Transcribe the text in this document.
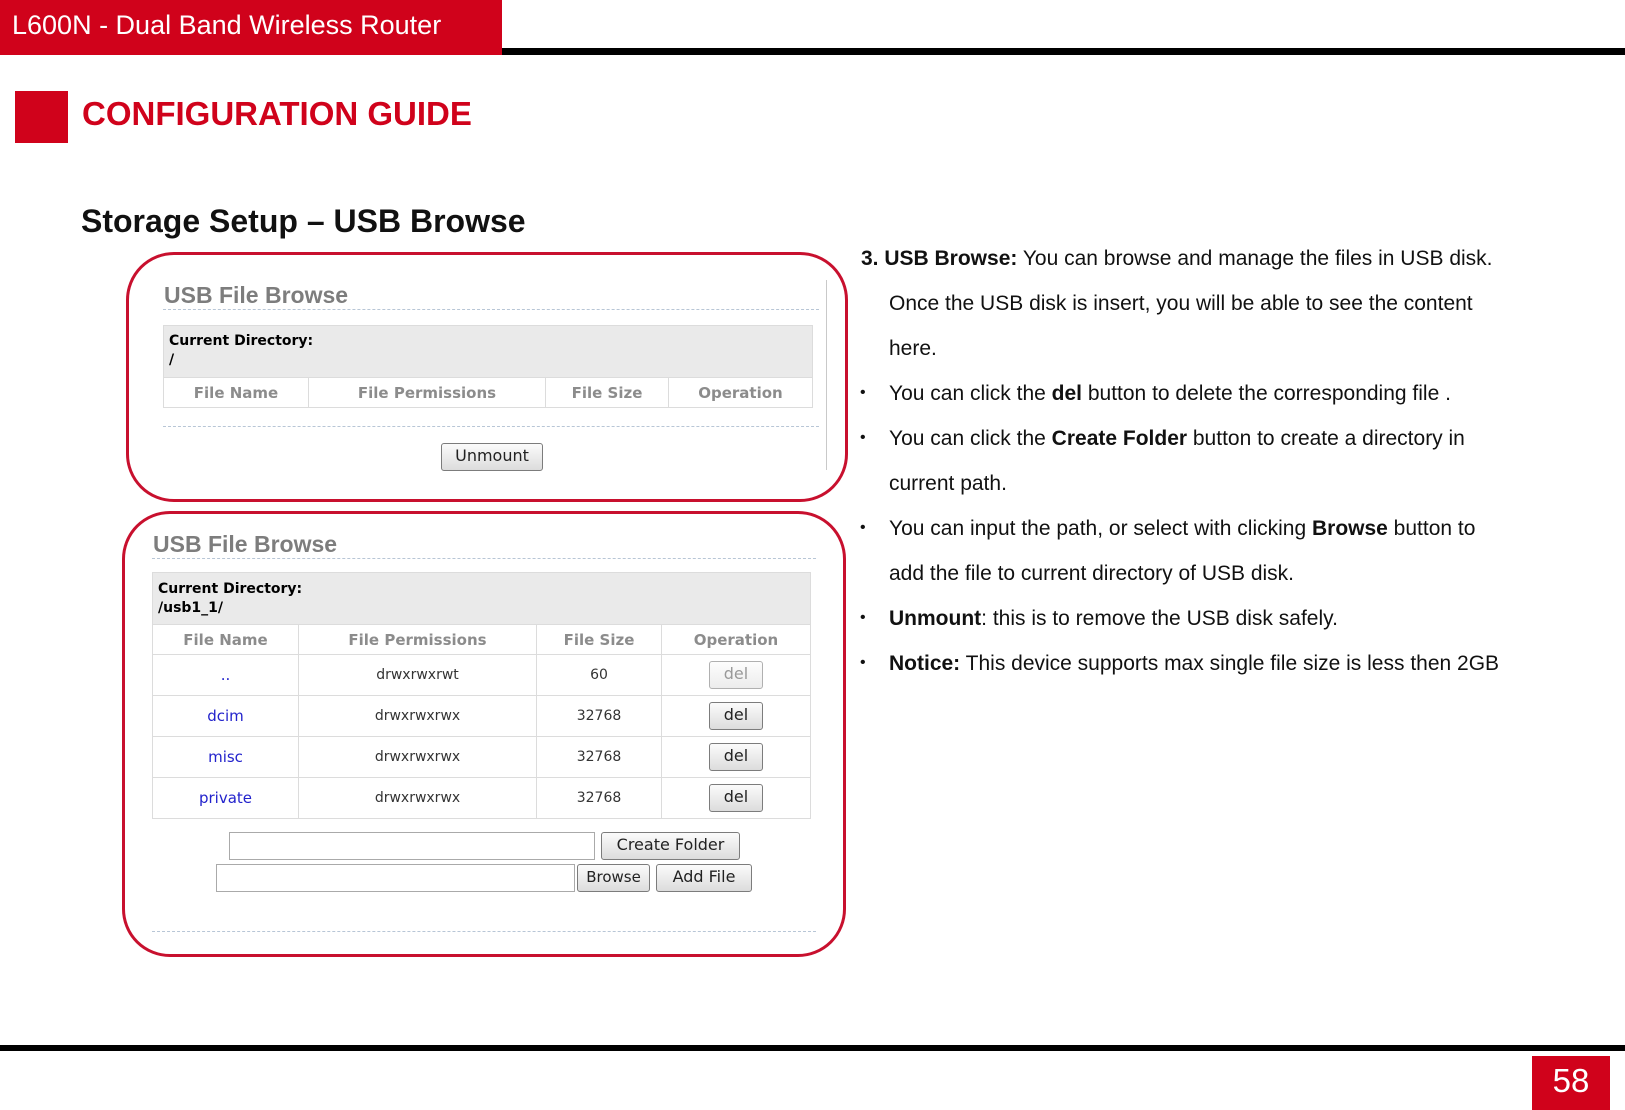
L600N - Dual Band Wireless Router
CONFIGURATION GUIDE
Storage Setup – USB Browse
USB File Browse
Current Directory:
/

File Name	File Permissions	File Size	Operation
Unmount
USB File Browse
Current Directory:
/usb1_1/			

File Name	File Permissions	File Size	Operation
..	drwxrwxrwt	60	del
dcim	drwxrwxrwx	32768	del
misc	drwxrwxrwx	32768	del
private	drwxrwxrwx	32768	del
Create Folder
Browse	Add File
3. USB Browse: You can browse and manage the files in USB disk.
Once the USB disk is insert, you will be able to see the content
here.
• You can click the del button to delete the corresponding file .
• You can click the Create Folder button to create a directory in
current path.
• You can input the path, or select with clicking Browse button to
add the file to current directory of USB disk.
• Unmount: this is to remove the USB disk safely.
• Notice: This device supports max single file size is less then 2GB
58
